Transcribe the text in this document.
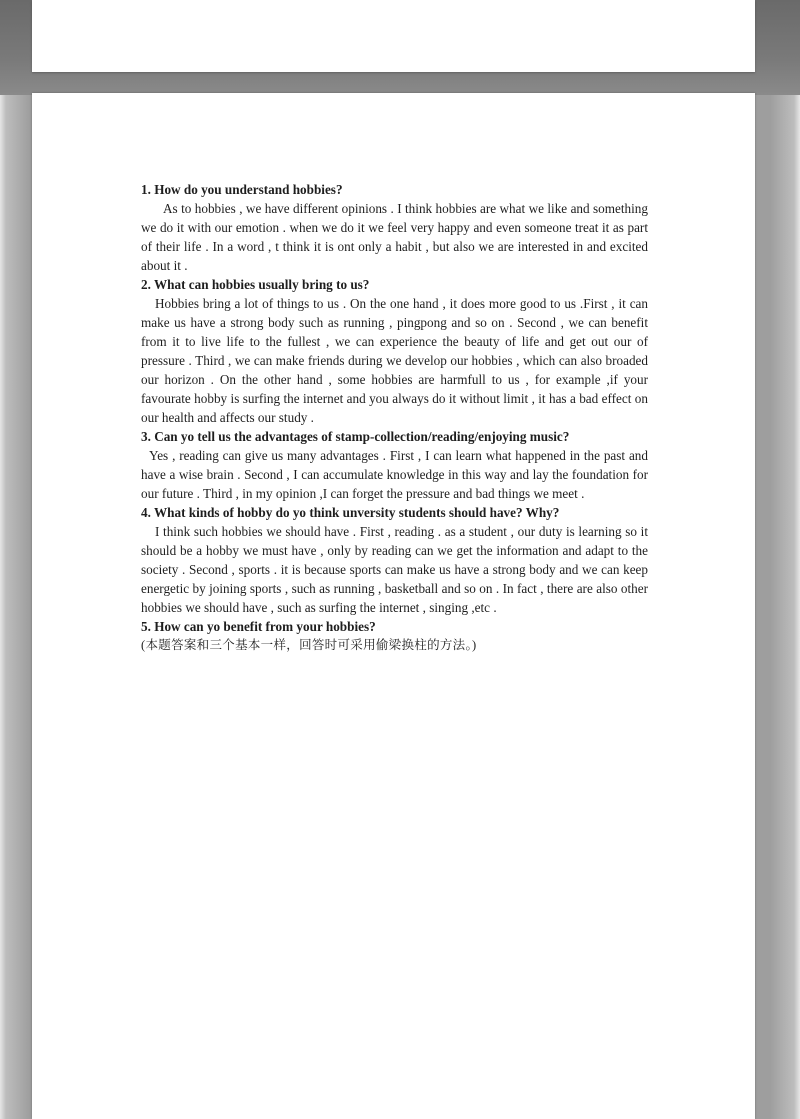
1. How do you understand hobbies?

As to hobbies , we have different opinions . I think hobbies are what we like and something we do it with our emotion . when we do it we feel very happy and even someone treat it as part of their life . In a word , t think it is ont only a habit , but also we are interested in and excited about it .

2. What can hobbies usually bring to us?

Hobbies bring a lot of things to us . On the one hand , it does more good to us .First , it can make us have a strong body such as running , pingpong and so on . Second , we can benefit from it to live life to the fullest , we can experience the beauty of life and get out our of pressure . Third , we can make friends during we develop our hobbies , which can also broaded our horizon . On the other hand , some hobbies are harmfull to us , for example ,if your favourate hobby is surfing the internet and you always do it without limit , it has a bad effect on our health and affects our study .

3. Can yo tell us the advantages of stamp-collection/reading/enjoying music?

Yes , reading can give us many advantages . First , I can learn what happened in the past and have a wise brain . Second , I can accumulate knowledge in this way and lay the foundation for our future . Third , in my opinion ,I can forget the pressure and bad things we meet .

4. What kinds of hobby do yo think unversity students should have? Why?

I think such hobbies we should have . First , reading . as a student , our duty is learning so it should be a hobby we must have , only by reading can we get the information and adapt to the society . Second , sports . it is because sports can make us have a strong body and we can keep energetic by joining sports , such as running , basketball and so on . In fact , there are also other hobbies we should have , such as surfing the internet , singing ,etc .

5. How can yo benefit from your hobbies?

(本题答案和三个基本一样，回答时可采用偷梁换柱的方法。)
